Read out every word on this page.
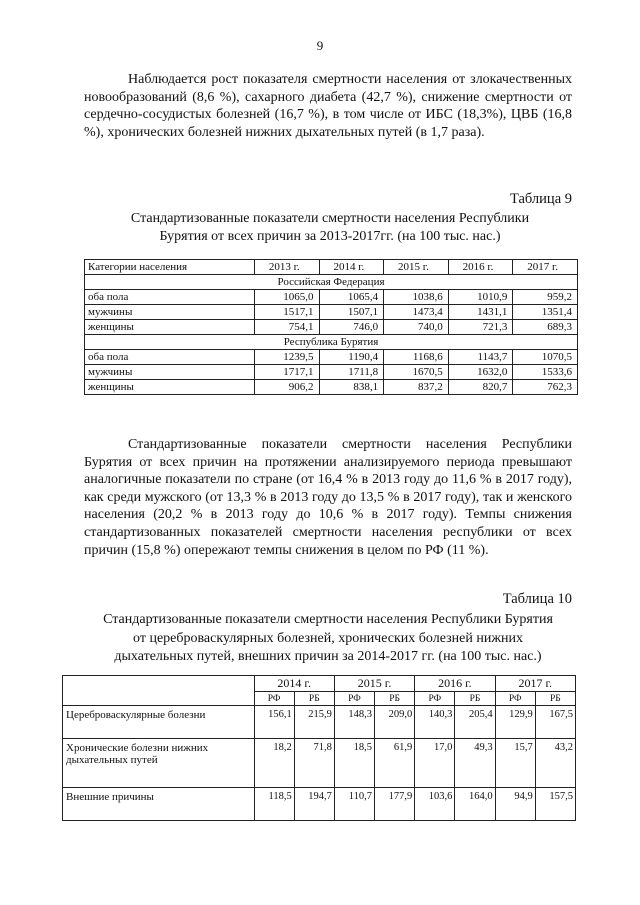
9

Наблюдается рост показателя смертности населения от злокачественных новообразований (8,6 %), сахарного диабета (42,7 %), снижение смертности от сердечно-сосудистых болезней (16,7 %), в том числе от ИБС (18,3%), ЦВБ (16,8 %), хронических болезней нижних дыхательных путей (в 1,7 раза).

Таблица 9
Стандартизованные показатели смертности населения Республики
Бурятия от всех причин за 2013-2017гг. (на 100 тыс. нас.)
Категории населения	2013 г.	2014 г.	2015 г.	2016 г.	2017 г.
Российская Федерация					
оба пола	1065,0	1065,4	1038,6	1010,9	959,2
мужчины	1517,1	1507,1	1473,4	1431,1	1351,4
женщины	754,1	746,0	740,0	721,3	689,3
Республика Бурятия					
оба пола	1239,5	1190,4	1168,6	1143,7	1070,5
мужчины	1717,1	1711,8	1670,5	1632,0	1533,6
женщины	906,2	838,1	837,2	820,7	762,3

Стандартизованные показатели смертности населения Республики Бурятия от всех причин на протяжении анализируемого периода превышают аналогичные показатели по стране (от 16,4 % в 2013 году до 11,6 % в 2017 году), как среди мужского (от 13,3 % в 2013 году до 13,5 % в 2017 году), так и женского населения (20,2 % в 2013 году до 10,6 % в 2017 году). Темпы снижения стандартизованных показателей смертности населения республики от всех причин (15,8 %) опережают темпы снижения в целом по РФ (11 %).

Таблица 10
Стандартизованные показатели смертности населения Республики Бурятия
от цереброваскулярных болезней, хронических болезней нижних
дыхательных путей, внешних причин за 2014-2017 гг. (на 100 тыс. нас.)
	2014 г.		2015 г.		2016 г.		2017 г.	
	РФ	РБ	РФ	РБ	РФ	РБ	РФ	РБ
Цереброваскулярные болезни	156,1	215,9	148,3	209,0	140,3	205,4	129,9	167,5
Хронические болезни нижних дыхательных путей	18,2	71,8	18,5	61,9	17,0	49,3	15,7	43,2
Внешние причины	118,5	194,7	110,7	177,9	103,6	164,0	94,9	157,5
